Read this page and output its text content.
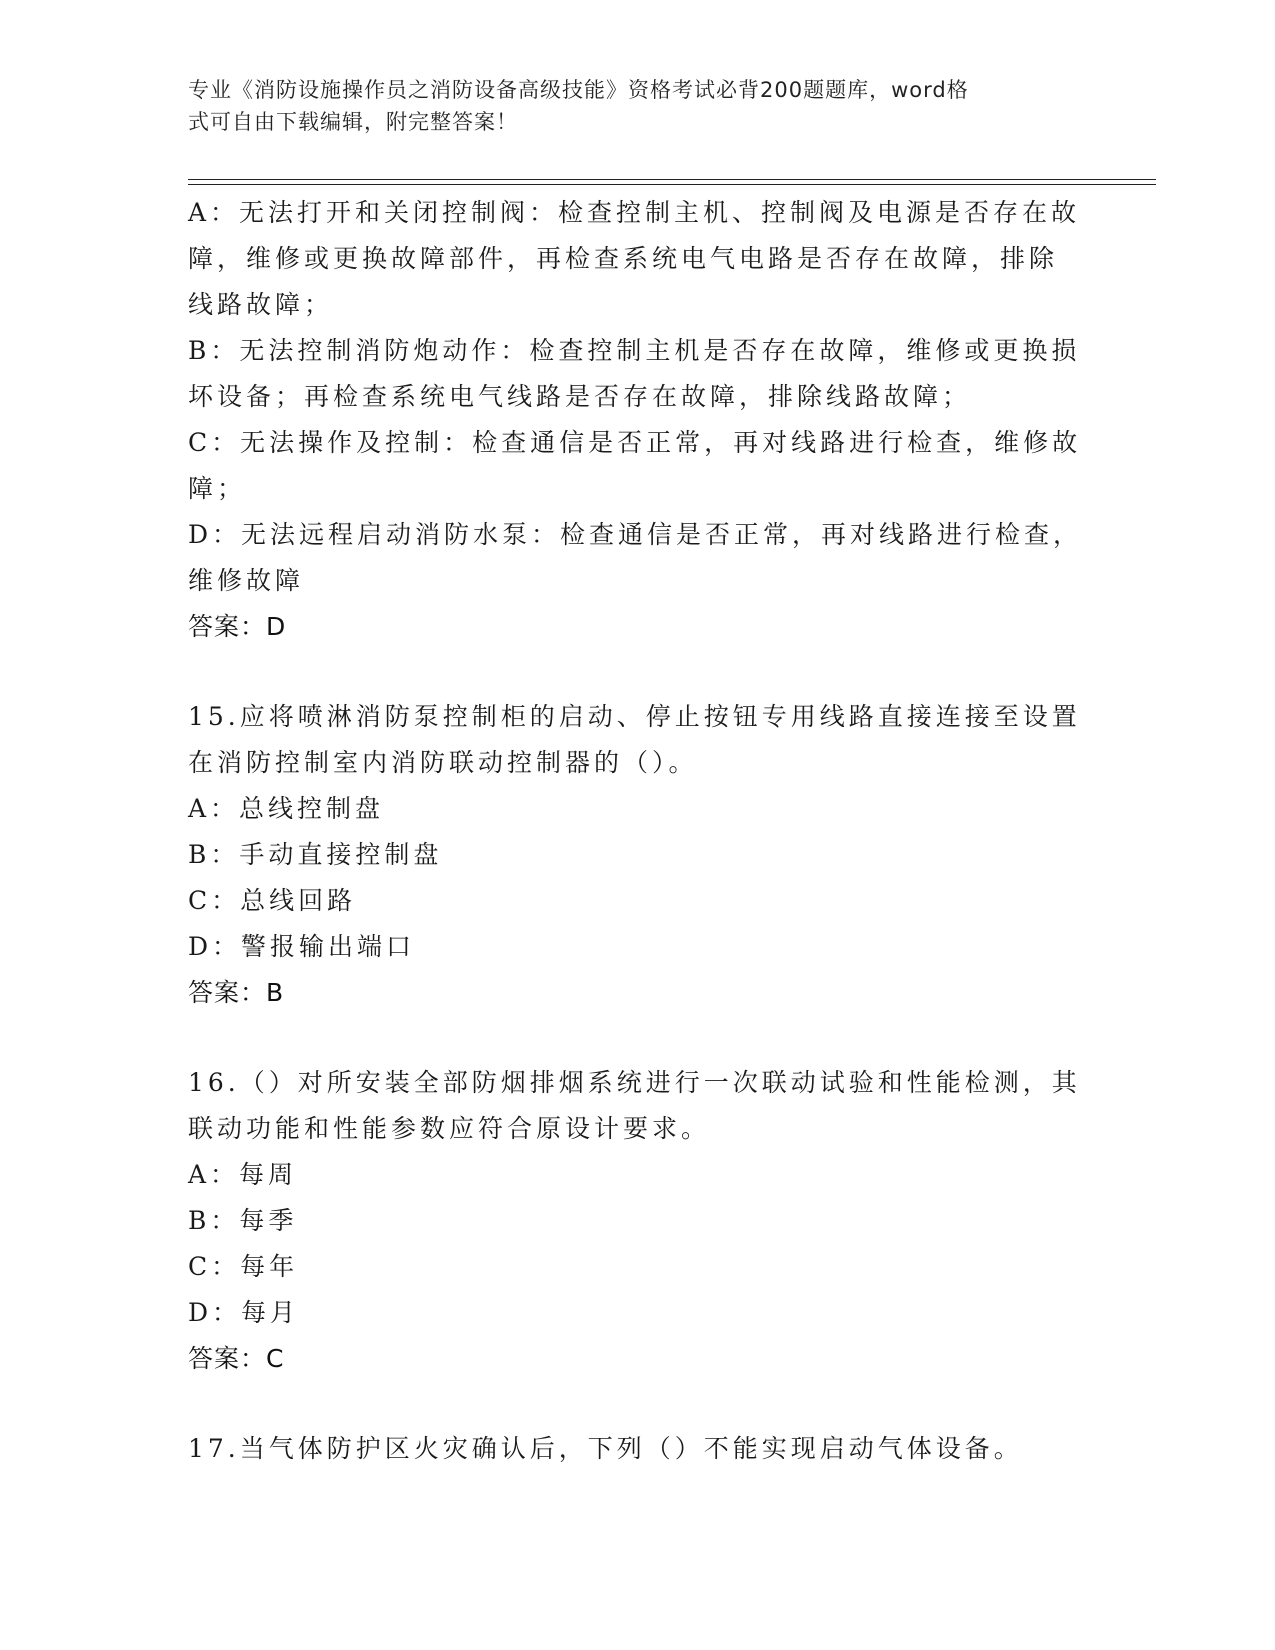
专业《消防设施操作员之消防设备高级技能》资格考试必背200题题库，word格

式可自由下载编辑，附完整答案！

A：无法打开和关闭控制阀：检查控制主机、控制阀及电源是否存在故

障，维修或更换故障部件，再检查系统电气电路是否存在故障，排除

线路故障；

B：无法控制消防炮动作：检查控制主机是否存在故障，维修或更换损

坏设备；再检查系统电气线路是否存在故障，排除线路故障；

C：无法操作及控制：检查通信是否正常，再对线路进行检查，维修故

障；

D：无法远程启动消防水泵：检查通信是否正常，再对线路进行检查，

维修故障

答案：D

15.应将喷淋消防泵控制柜的启动、停止按钮专用线路直接连接至设置

在消防控制室内消防联动控制器的（）。

A：总线控制盘

B：手动直接控制盘

C：总线回路

D：警报输出端口

答案：B

16.（）对所安装全部防烟排烟系统进行一次联动试验和性能检测，其

联动功能和性能参数应符合原设计要求。

A：每周

B：每季

C：每年

D：每月

答案：C

17.当气体防护区火灾确认后，下列（）不能实现启动气体设备。
